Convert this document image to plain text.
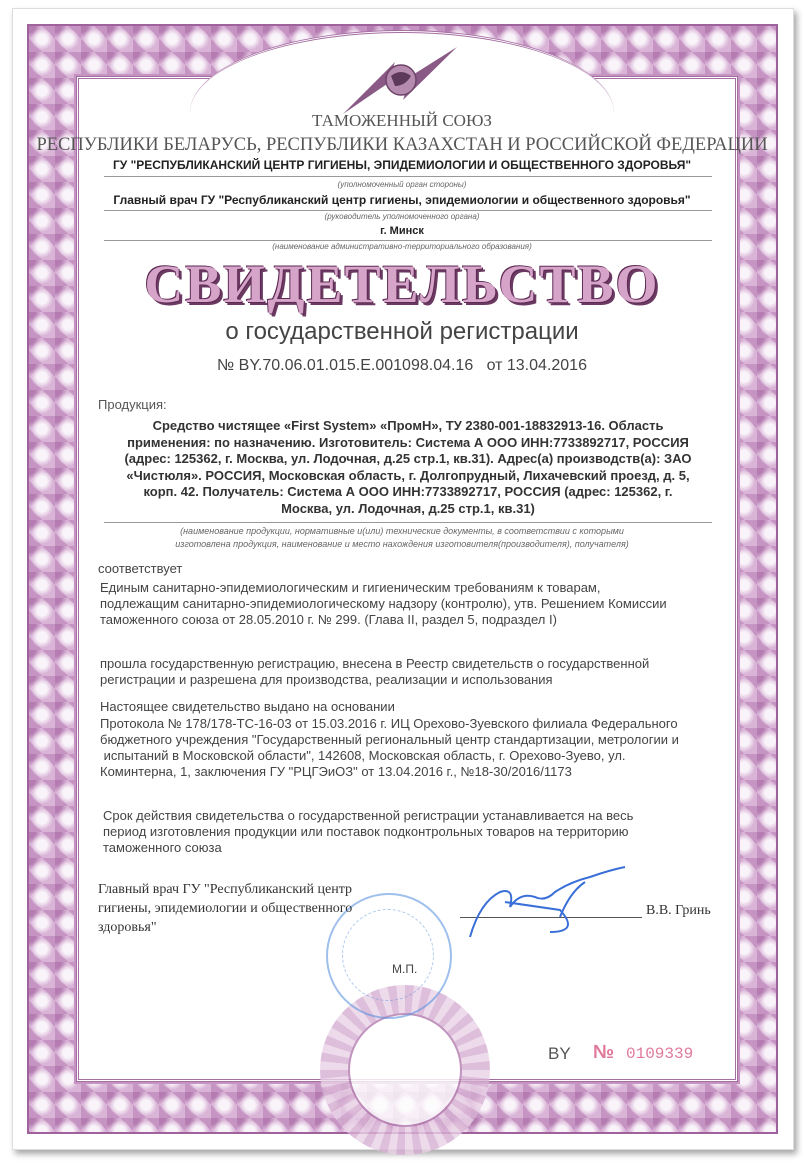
ТАМОЖЕННЫЙ СОЮЗ
РЕСПУБЛИКИ БЕЛАРУСЬ, РЕСПУБЛИКИ КАЗАХСТАН И РОССИЙСКОЙ ФЕДЕРАЦИИ
ГУ "РЕСПУБЛИКАНСКИЙ ЦЕНТР ГИГИЕНЫ, ЭПИДЕМИОЛОГИИ И ОБЩЕСТВЕННОГО ЗДОРОВЬЯ"
(уполномоченный орган стороны)
Главный врач ГУ "Республиканский центр гигиены, эпидемиологии и общественного здоровья"
(руководитель уполномоченного органа)
г. Минск
(наименование административно-территориального образования)
СВИДЕТЕЛЬСТВО
о государственной регистрации
№ BY.70.06.01.015.E.001098.04.16   от 13.04.2016
Продукция:
Средство чистящее «First System» «ПромН», ТУ 2380-001-18832913-16. Область
применения: по назначению. Изготовитель: Система А ООО ИНН:7733892717, РОССИЯ
(адрес: 125362, г. Москва, ул. Лодочная, д.25 стр.1, кв.31). Адрес(а) производств(а): ЗАО
«Чистюля». РОССИЯ, Московская область, г. Долгопрудный, Лихачевский проезд, д. 5,
корп. 42. Получатель: Система А ООО ИНН:7733892717, РОССИЯ (адрес: 125362, г.
Москва, ул. Лодочная, д.25 стр.1, кв.31)
(наименование продукции, нормативные и(или) технические документы, в соответствии с которыми
изготовлена продукция, наименование и место нахождения изготовителя(производителя), получателя)
соответствует
Единым санитарно-эпидемиологическим и гигиеническим требованиям к товарам,
подлежащим санитарно-эпидемиологическому надзору (контролю), утв. Решением Комиссии
таможенного союза от 28.05.2010 г. № 299. (Глава II, раздел 5, подраздел I)
прошла государственную регистрацию, внесена в Реестр свидетельств о государственной
регистрации и разрешена для производства, реализации и использования
Настоящее свидетельство выдано на основании
Протокола № 178/178-ТС-16-03 от 15.03.2016 г. ИЦ Орехово-Зуевского филиала Федерального
бюджетного учреждения "Государственный региональный центр стандартизации, метрологии и
испытаний в Московской области", 142608, Московская область, г. Орехово-Зуево, ул.
Коминтерна, 1, заключения ГУ "РЦГЭиОЗ" от 13.04.2016 г., №18-30/2016/1173
Срок действия свидетельства о государственной регистрации устанавливается на весь
период изготовления продукции или поставок подконтрольных товаров на территорию
таможенного союза
Главный врач ГУ "Республиканский центр
гигиены, эпидемиологии и общественного
здоровья"
В.В. Гринь
М.П.
BY № 0109339
